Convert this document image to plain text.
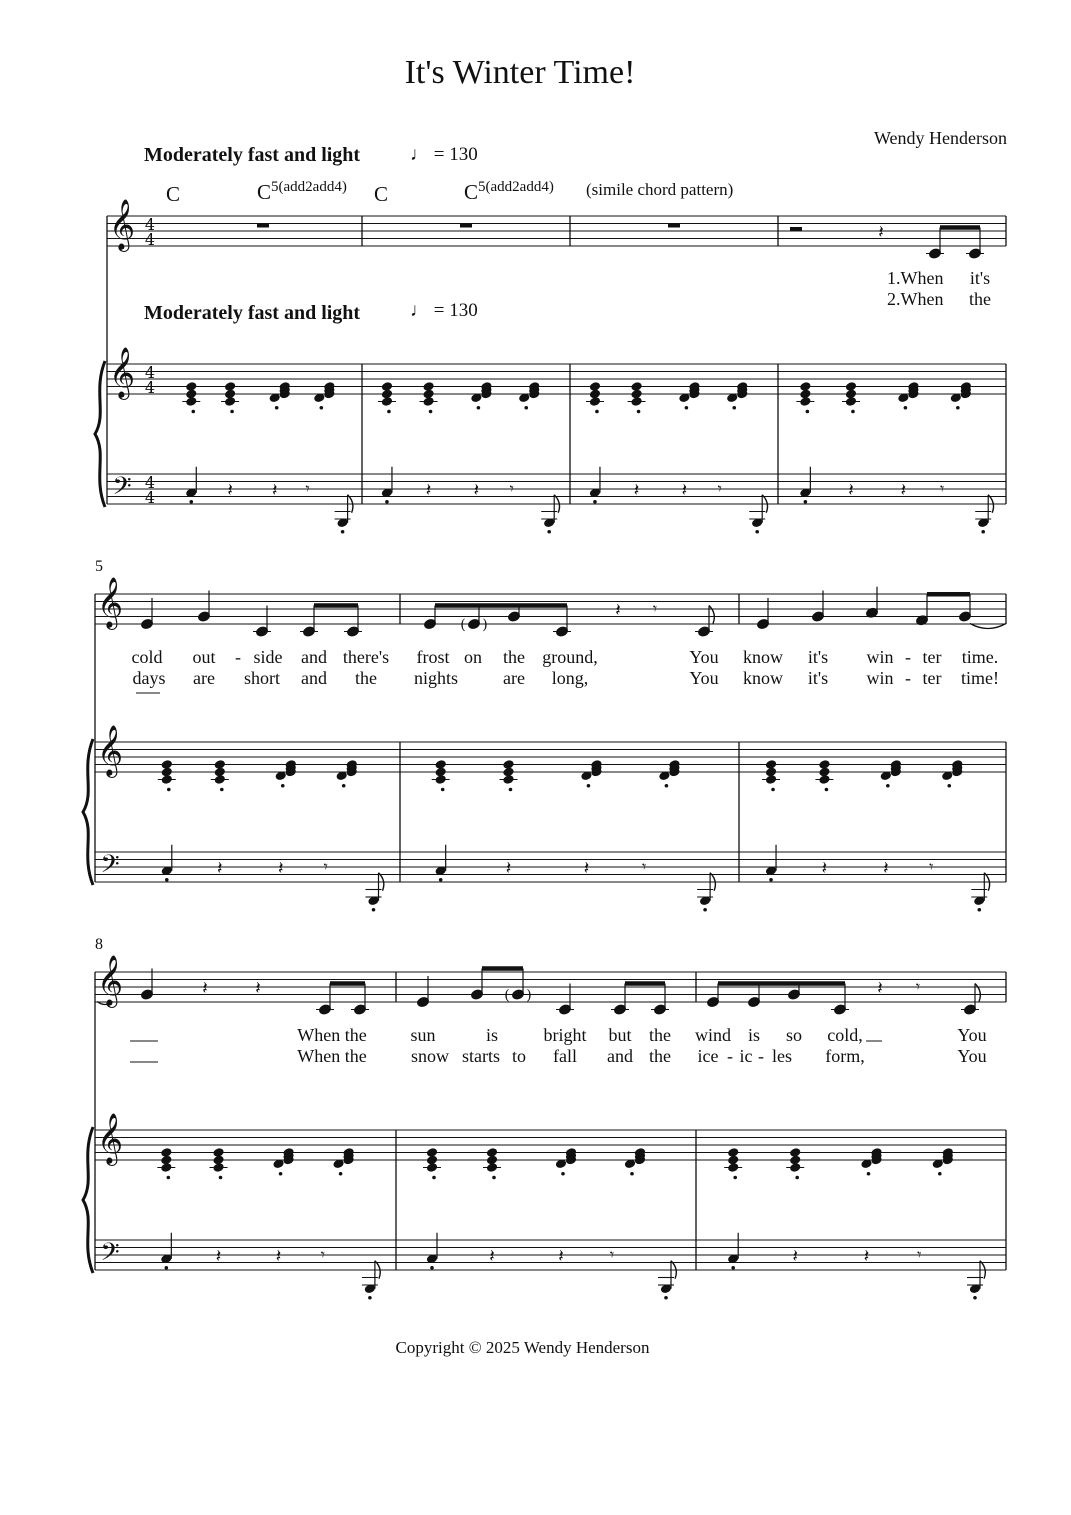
It's Winter Time!
Wendy Henderson
Moderately fast and light	♩ = 130
Moderately fast and light	♩ = 130
C	$C^{5(add2add4)}$ C	$C^{5(add2add4)}$ (simile chord pattern)
5
8
1.When it's
2.When the
cold out - side and there's frost on the ground,	You know it's win - ter time.
days are short and the nights	are long,	You know it's win - ter time!
When the sun	is	bright but the wind is so cold,	You
When the snow starts to fall and the ice - ic - les form,	You
Copyright © 2025 Wendy Henderson
𝄞 4
4
𝄞 4
4
𝄢 4
4
𝄽
𝄽 𝄽 𝄾	𝄽 𝄽 𝄾	𝄽 𝄽 𝄾	𝄽	𝄽 𝄾
𝄞
𝄞
𝄢
( )
𝄽 𝄾
𝄽	𝄽	𝄾	𝄽	𝄽	𝄾	𝄽	𝄽	𝄾
𝄞
𝄞
𝄢
𝄽	𝄽	( )	𝄽 𝄾
𝄽	𝄽 𝄾	𝄽	𝄽	𝄾	𝄽	𝄽	𝄾
